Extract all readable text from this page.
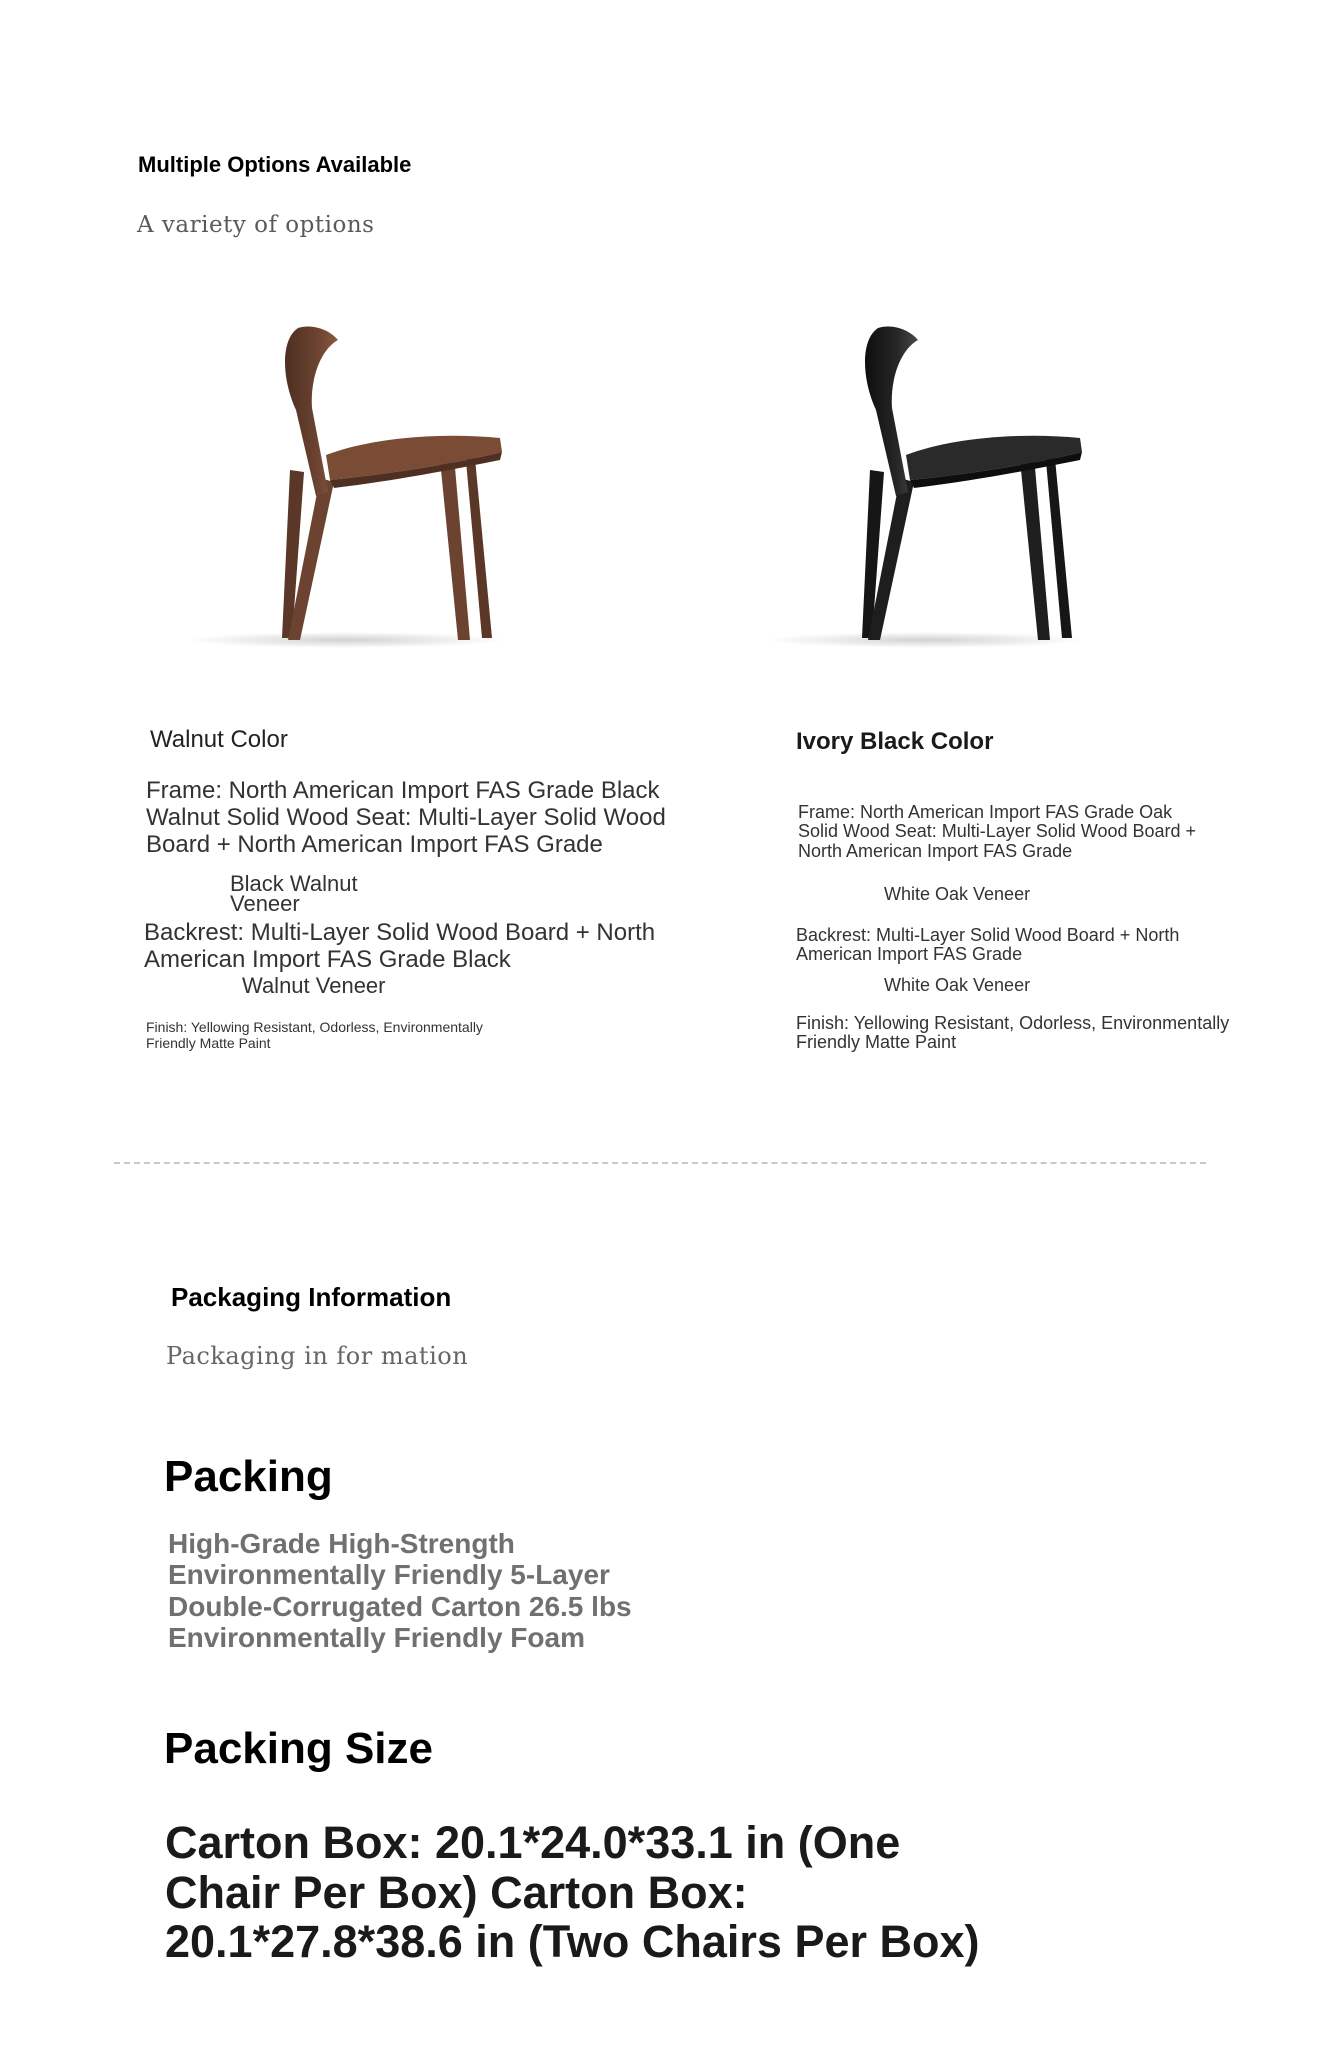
Multiple Options Available
A variety of options
Walnut Color
Frame: North American Import FAS Grade Black Walnut Solid Wood Seat: Multi-Layer Solid Wood Board + North American Import FAS Grade
Black Walnut Veneer
Backrest: Multi-Layer Solid Wood Board + North American Import FAS Grade Black
Walnut Veneer
Finish: Yellowing Resistant, Odorless, Environmentally Friendly Matte Paint
Ivory Black Color
Frame: North American Import FAS Grade Oak Solid Wood Seat: Multi-Layer Solid Wood Board + North American Import FAS Grade
White Oak Veneer
Backrest: Multi-Layer Solid Wood Board + North American Import FAS Grade
White Oak Veneer
Finish: Yellowing Resistant, Odorless, Environmentally Friendly Matte Paint
Packaging Information
Packaging in for mation
Packing
High-Grade High-Strength Environmentally Friendly 5-Layer Double-Corrugated Carton 26.5 lbs Environmentally Friendly Foam
Packing Size
Carton Box: 20.1*24.0*33.1 in (One Chair Per Box) Carton Box: 20.1*27.8*38.6 in (Two Chairs Per Box)
